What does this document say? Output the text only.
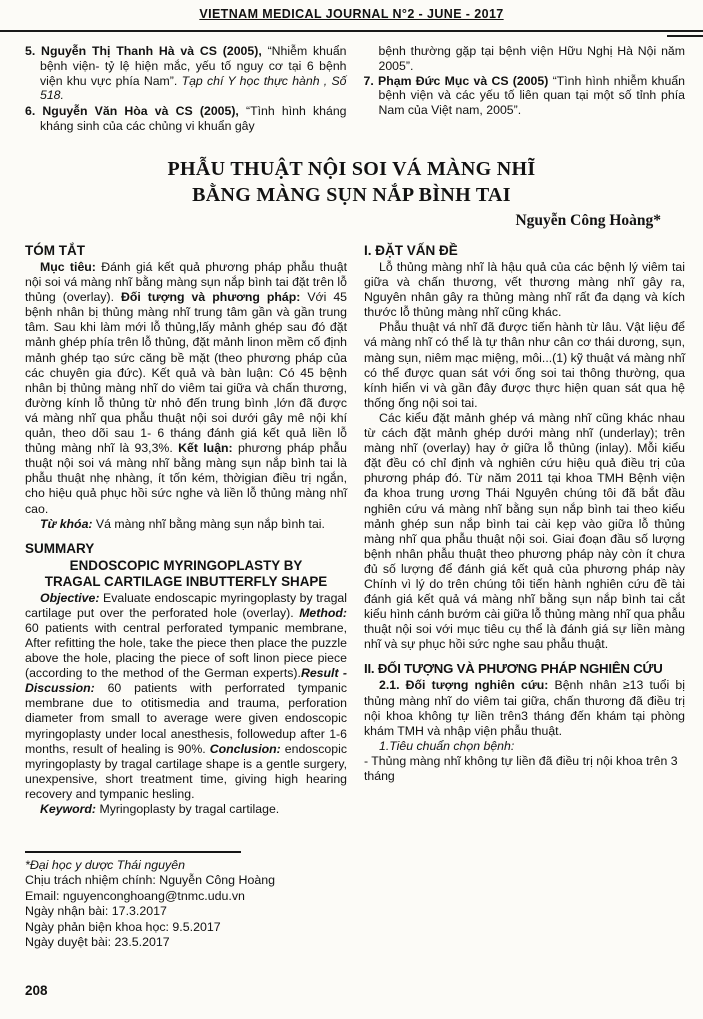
VIETNAM MEDICAL JOURNAL N°2 - JUNE - 2017

5. Nguyễn Thị Thanh Hà và CS (2005), “Nhiễm khuẩn bệnh viện- tỷ lệ hiện mắc, yếu tố nguy cơ tại 6 bệnh viện khu vực phía Nam”. Tạp chí Y học thực hành , Số 518.

6. Nguyễn Văn Hòa và CS (2005), “Tình hình kháng kháng sinh của các chủng vi khuẩn gây

bệnh thường gặp tại bệnh viện Hữu Nghị Hà Nội năm 2005”.

7. Phạm Đức Mục và CS (2005) “Tình hình nhiễm khuẩn bệnh viện và các yếu tố liên quan tại một số tỉnh phía Nam của Việt nam, 2005”.

PHẪU THUẬT NỘI SOI VÁ MÀNG NHĨ
BẰNG MÀNG SỤN NẮP BÌNH TAI
Nguyễn Công Hoàng*
TÓM TẮT

Mục tiêu: Đánh giá kết quả phương pháp phẫu thuật nội soi vá màng nhĩ bằng màng sụn nắp bình tai đặt trên lỗ thủng (overlay). Đối tượng và phương pháp: Với 45 bệnh nhân bị thủng màng nhĩ trung tâm gần và gần trung tâm. Sau khi làm mới lỗ thủng,lấy mảnh ghép sau đó đặt mảnh ghép phía trên lỗ thủng, đặt mảnh linon mềm cố định mảnh ghép tạo sức căng bề mặt (theo phương pháp của các chuyên gia đức). Kết quả và bàn luận: Có 45 bệnh nhân bị thủng màng nhĩ do viêm tai giữa và chấn thương, đường kính lỗ thủng từ nhỏ đến trung bình ,lớn đã được vá màng nhĩ qua phẫu thuật nội soi dưới gây mê nội khí quản, theo dõi sau 1- 6 tháng đánh giá kết quả liền lỗ thủng màng nhĩ là 93,3%. Kết luận: phương pháp phẫu thuật nội soi vá màng nhĩ bằng màng sụn nắp bình tai là phẫu thuật nhẹ nhàng, ít tốn kém, thờigian điều trị ngắn, cho hiệu quả phục hồi sức nghe và liền lỗ thủng màng nhĩ cao.

Từ khóa: Vá màng nhĩ bằng màng sụn nắp bình tai.

SUMMARY
ENDOSCOPIC MYRINGOPLASTY BY
TRAGAL CARTILAGE INBUTTERFLY SHAPE

Objective: Evaluate endoscapic myringoplasty by tragal cartilage put over the perforated hole (overlay). Method: 60 patients with central perforated tympanic membrane, After refitting the hole, take the piece then place the puzzle above the hole, placing the piece of soft linon piece piece (according to the method of the German experts).Result - Discussion: 60 patients with perforrated tympanic membrane due to otitismedia and trauma, perforation diameter from small to average were given endoscopic myringoplasty under local anesthesis, followedup after 1-6 months, result of healing is 90%. Conclusion: endoscopic myringoplasty by tragal cartilage shape is a gentle surgery, unexpensive, short treatment time, giving high hearing recovery and tympanic hesling.

Keyword: Myringoplasty by tragal cartilage.

I. ĐẶT VẤN ĐỀ

Lỗ thủng màng nhĩ là hậu quả của các bệnh lý viêm tai giữa và chấn thương, vết thương màng nhĩ gây ra, Nguyên nhân gây ra thủng màng nhĩ rất đa dạng và kích thước lỗ thủng màng nhĩ cũng khác.

Phẫu thuật vá nhĩ đã được tiến hành từ lâu. Vật liệu để vá màng nhĩ có thể là tự thân như cân cơ thái dương, sụn, màng sụn, niêm mạc miệng, môi...(1) kỹ thuật vá màng nhĩ có thể được quan sát với ống soi tai thông thường, qua kính hiển vi và gần đây được thực hiện quan sát qua hệ thống ống nội soi tai.

Các kiểu đặt mảnh ghép vá màng nhĩ cũng khác nhau từ cách đặt mảnh ghép dưới màng nhĩ (underlay); trên màng nhĩ (overlay) hay ở giữa lỗ thủng (inlay). Mỗi kiểu đặt đều có chỉ định và nghiên cứu hiệu quả điều trị của phương pháp đó. Từ năm 2011 tại khoa TMH Bệnh viện đa khoa trung ương Thái Nguyên chúng tôi đã bắt đầu nghiên cứu vá màng nhĩ bằng sụn nắp bình tai theo kiểu mảnh ghép sun nắp bình tai cài kẹp vào giữa lỗ thủng màng nhĩ qua phẫu thuật nội soi. Giai đoạn đầu số lượng bệnh nhân phẫu thuật theo phương pháp này còn ít chưa đủ số lượng để đánh giá kết quả của phương pháp này Chính vì lý do trên chúng tôi tiến hành nghiên cứu đề tài đánh giá kết quả vá màng nhĩ bằng sụn nắp bình tai cắt kiểu hình cánh bướm cài giữa lỗ thủng màng nhĩ qua phẫu thuật nội soi với mục tiêu cụ thể là đánh giá sự liền màng nhĩ và sự phục hồi sức nghe sau phẫu thuật.

II. ĐỐI TƯỢNG VÀ PHƯƠNG PHÁP NGHIÊN CỨU

2.1. Đối tượng nghiên cứu: Bệnh nhân ≥13 tuổi bị thủng màng nhĩ do viêm tai giữa, chấn thương đã điều trị nội khoa không tự liền trên3 tháng đến khám tại phòng khám TMH và nhập viện phẫu thuật.

1.Tiêu chuẩn chọn bệnh:

- Thủng màng nhĩ không tự liền đã điều trị nội khoa trên 3 tháng

*Đại học y dược Thái nguyên
Chịu trách nhiệm chính: Nguyễn Công Hoàng
Email: nguyenconghoang@tnmc.udu.vn
Ngày nhận bài: 17.3.2017
Ngày phản biện khoa học: 9.5.2017
Ngày duyệt bài: 23.5.2017
208
